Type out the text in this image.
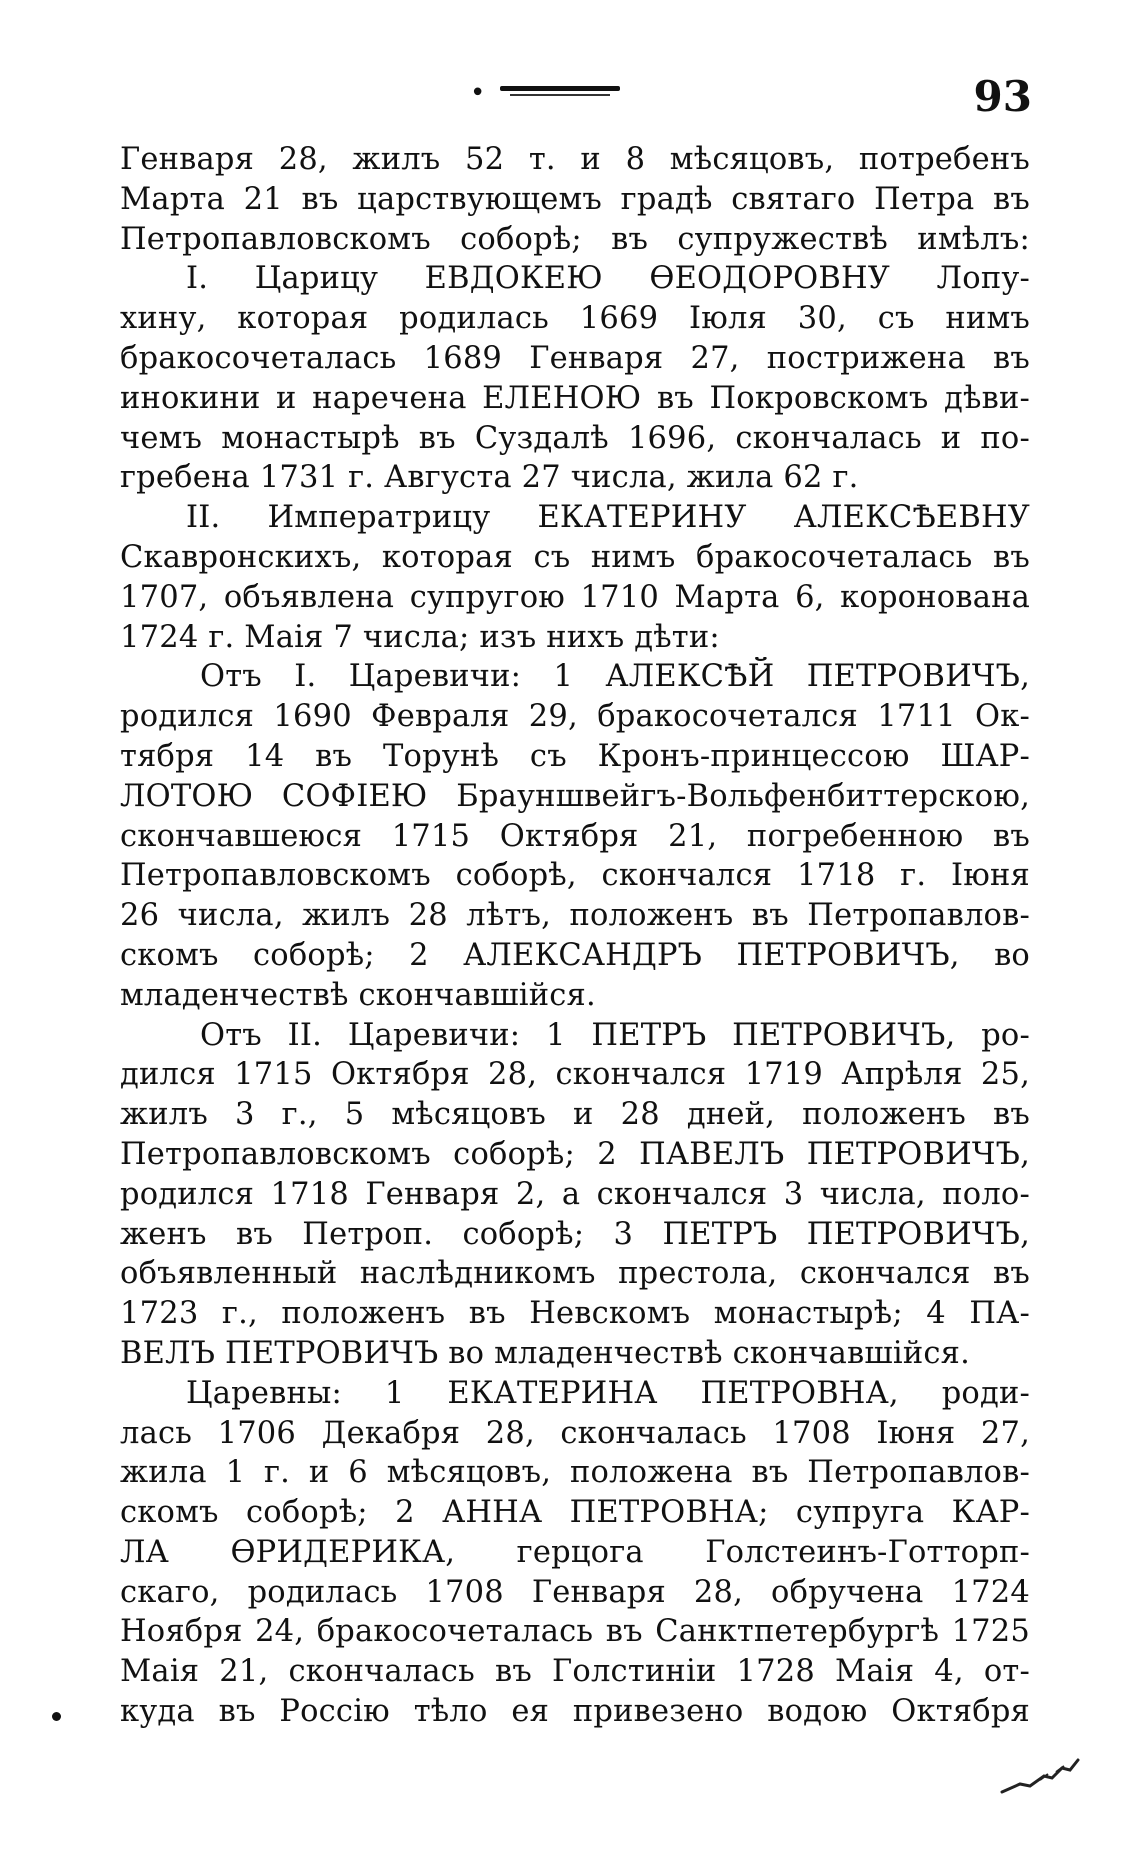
•	93
Генваря 28, жилъ 52 т. и 8 мѣсяцовъ, потребенъ
Марта 21 въ царствующемъ градѣ святаго Петра въ
Петропавловскомъ соборѣ; въ супружествѣ имѣлъ:
I. Царицу ЕВДОКЕЮ ѲЕОДОРОВНУ Лопу-
хину, которая родилась 1669 Іюля 30, съ нимъ
бракосочеталась 1689 Генваря 27, пострижена въ
инокини и наречена ЕЛЕНОЮ въ Покровскомъ дѣви-
чемъ монастырѣ въ Суздалѣ 1696, скончалась и по-
гребена 1731 г. Августа 27 числа, жила 62 г.
II. Императрицу ЕКАТЕРИНУ АЛЕКСѢЕВНУ
Скавронскихъ, которая съ нимъ бракосочеталась въ
1707, объявлена супругою 1710 Марта 6, коронована
1724 г. Маія 7 числа; изъ нихъ дѣти:
Отъ I. Царевичи: 1 АЛЕКСѢЙ ПЕТРОВИЧЪ,
родился 1690 Февраля 29, бракосочетался 1711 Ок-
тября 14 въ Торунѣ съ Кронъ-принцессою ШАР-
ЛОТОЮ СОФІЕЮ Брауншвейгъ-Вольфенбиттерскою,
скончавшеюся 1715 Октября 21, погребенною въ
Петропавловскомъ соборѣ, скончался 1718 г. Іюня
26 числа, жилъ 28 лѣтъ, положенъ въ Петропавлов-
скомъ соборѣ; 2 АЛЕКСАНДРЪ ПЕТРОВИЧЪ, во
младенчествѣ скончавшійся.
Отъ II. Царевичи: 1 ПЕТРЪ ПЕТРОВИЧЪ, ро-
дился 1715 Октября 28, скончался 1719 Апрѣля 25,
жилъ 3 г., 5 мѣсяцовъ и 28 дней, положенъ въ
Петропавловскомъ соборѣ; 2 ПАВЕЛЪ ПЕТРОВИЧЪ,
родился 1718 Генваря 2, а скончался 3 числа, поло-
женъ въ Петроп. соборѣ; 3 ПЕТРЪ ПЕТРОВИЧЪ,
объявленный наслѣдникомъ престола, скончался въ
1723 г., положенъ въ Невскомъ монастырѣ; 4 ПА-
ВЕЛЪ ПЕТРОВИЧЪ во младенчествѣ скончавшійся.
Царевны: 1 ЕКАТЕРИНА ПЕТРОВНА, роди-
лась 1706 Декабря 28, скончалась 1708 Іюня 27,
жила 1 г. и 6 мѣсяцовъ, положена въ Петропавлов-
скомъ соборѣ; 2 АННА ПЕТРОВНА; супруга КАР-
ЛА ѲРИДЕРИКА, герцога Голстеинъ-Готторп-
скаго, родилась 1708 Генваря 28, обручена 1724
Ноября 24, бракосочеталась въ Санктпетербургѣ 1725
Маія 21, скончалась въ Голстиніи 1728 Маія 4, от-
куда въ Россію тѣло ея привезено водою Октября
